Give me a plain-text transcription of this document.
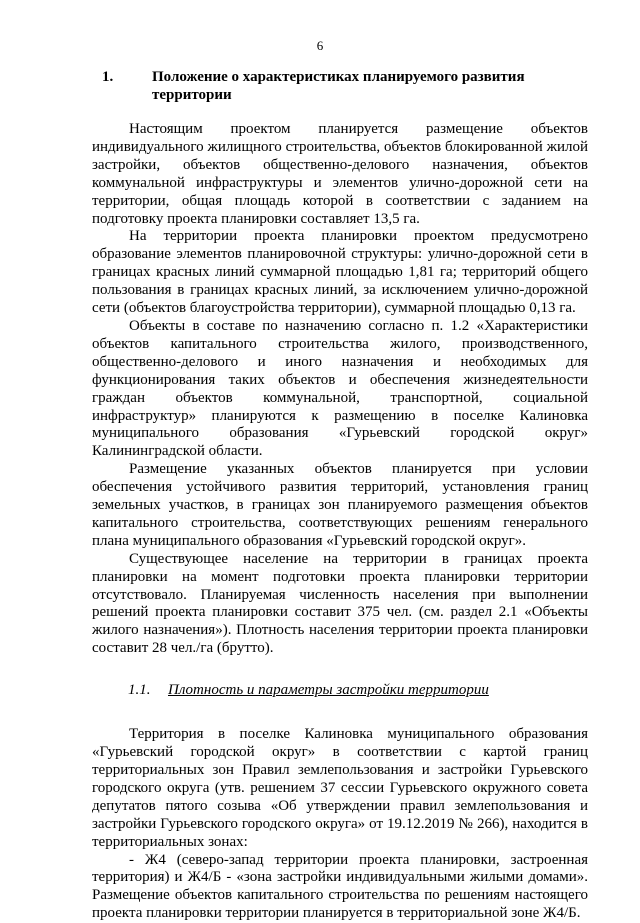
6
1.	Положение о характеристиках планируемого развития территории

Настоящим проектом планируется размещение объектов индивидуального жилищного строительства, объектов блокированной жилой застройки, объектов общественно-делового назначения, объектов коммунальной инфраструктуры и элементов улично-дорожной сети на территории, общая площадь которой в соответствии с заданием на подготовку проекта планировки составляет 13,5 га.

На территории проекта планировки проектом предусмотрено образование элементов планировочной структуры: улично-дорожной сети в границах красных линий суммарной площадью 1,81 га; территорий общего пользования в границах красных линий, за исключением улично-дорожной сети (объектов благоустройства территории), суммарной площадью 0,13 га.

Объекты в составе по назначению согласно п. 1.2 «Характеристики объектов капитального строительства жилого, производственного, общественно-делового и иного назначения и необходимых для функционирования таких объектов и обеспечения жизнедеятельности граждан объектов коммунальной, транспортной, социальной инфраструктур» планируются к размещению в поселке Калиновка муниципального образования «Гурьевский городской округ» Калининградской области.

Размещение указанных объектов планируется при условии обеспечения устойчивого развития территорий, установления границ земельных участков, в границах зон планируемого размещения объектов капитального строительства, соответствующих решениям генерального плана муниципального образования «Гурьевский городской округ».

Существующее население на территории в границах проекта планировки на момент подготовки проекта планировки территории отсутствовало. Планируемая численность населения при выполнении решений проекта планировки составит 375 чел. (см. раздел 2.1 «Объекты жилого назначения»). Плотность населения территории проекта планировки составит 28 чел./га (брутто).

1.1.	Плотность и параметры застройки территории

Территория в поселке Калиновка муниципального образования «Гурьевский городской округ» в соответствии с картой границ территориальных зон Правил землепользования и застройки Гурьевского городского округа (утв. решением 37 сессии Гурьевского окружного совета депутатов пятого созыва «Об утверждении правил землепользования и застройки Гурьевского городского округа» от 19.12.2019 № 266), находится в территориальных зонах:

- Ж4 (северо-запад территории проекта планировки, застроенная территория) и Ж4/Б - «зона застройки индивидуальными жилыми домами». Размещение объектов капитального строительства по решениям настоящего проекта планировки территории планируется в территориальной зоне Ж4/Б.
